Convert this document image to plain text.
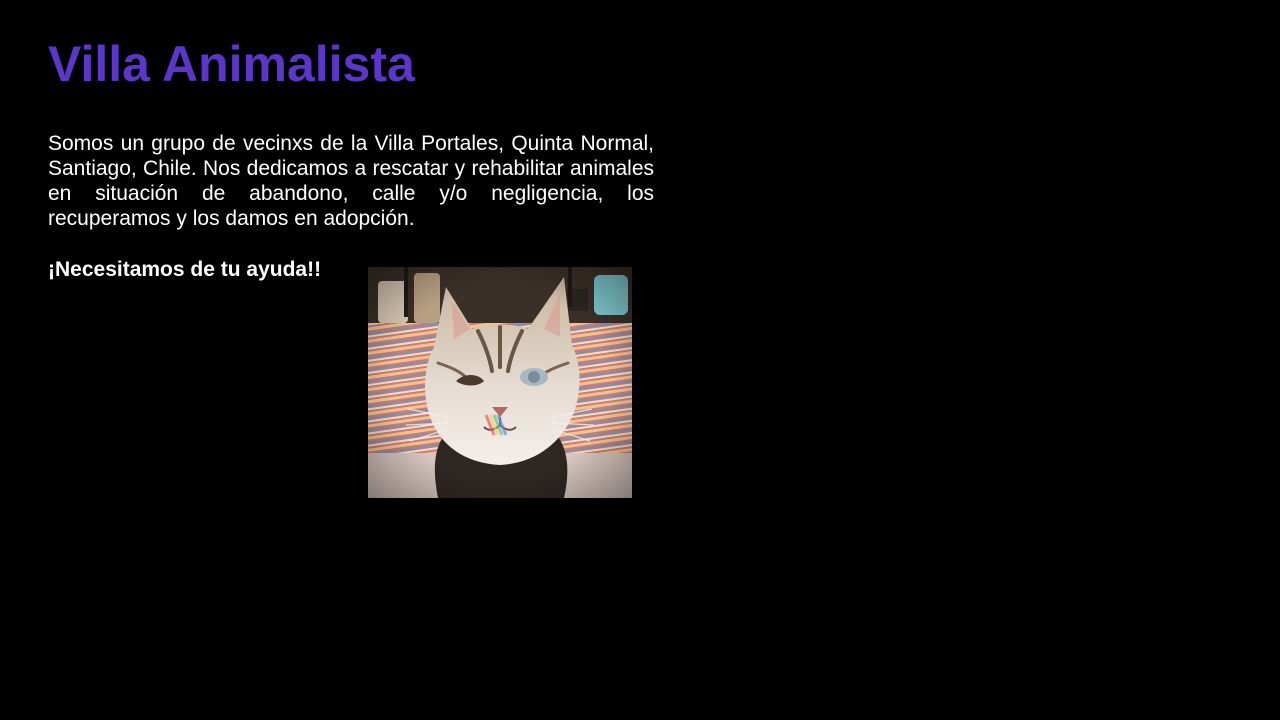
Villa Animalista

Somos un grupo de vecinxs de la Villa Portales, Quinta Normal, Santiago, Chile. Nos dedicamos a rescatar y rehabilitar animales en situación de abandono, calle y/o negligencia, los recuperamos y los damos en adopción.

¡Necesitamos de tu ayuda!!
